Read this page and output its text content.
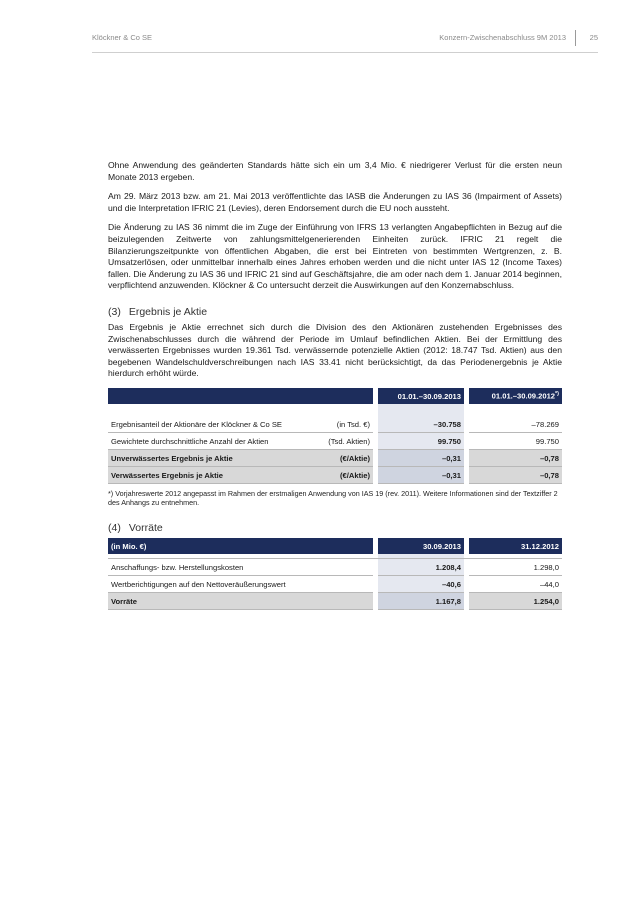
Klöckner & Co SE	Konzern-Zwischenabschluss 9M 2013	25

Ohne Anwendung des geänderten Standards hätte sich ein um 3,4 Mio. € niedrigerer Verlust für die ersten neun Monate 2013 ergeben.

Am 29. März 2013 bzw. am 21. Mai 2013 veröffentlichte das IASB die Änderungen zu IAS 36 (Impairment of Assets) und die Interpretation IFRIC 21 (Levies), deren Endorsement durch die EU noch aussteht.

Die Änderung zu IAS 36 nimmt die im Zuge der Einführung von IFRS 13 verlangten Angabepflichten in Bezug auf die beizulegenden Zeitwerte von zahlungsmittelgenerierenden Einheiten zurück. IFRIC 21 regelt die Bilanzierungszeitpunkte von öffentlichen Abgaben, die erst bei Eintreten von bestimmten Wertgrenzen, z. B. Umsatzerlösen, oder unmittelbar innerhalb eines Jahres erhoben werden und die nicht unter IAS 12 (Income Taxes) fallen. Die Änderung zu IAS 36 und IFRIC 21 sind auf Geschäftsjahre, die am oder nach dem 1. Januar 2014 beginnen, verpflichtend anzuwenden. Klöckner & Co untersucht derzeit die Auswirkungen auf den Konzernabschluss.

(3) Ergebnis je Aktie

Das Ergebnis je Aktie errechnet sich durch die Division des den Aktionären zustehenden Ergebnisses des Zwischenabschlusses durch die während der Periode im Umlauf befindlichen Aktien. Bei der Ermittlung des verwässerten Ergebnisses wurden 19.361 Tsd. verwässernde potenzielle Aktien (2012: 18.747 Tsd. Aktien) aus den begebenen Wandelschuldverschreibungen nach IAS 33.41 nicht berücksichtigt, da das Periodenergebnis je Aktie hierdurch erhöht würde.

			01.01.–30.09.2013		01.01.–30.09.2012*)
Ergebnisanteil der Aktionäre der Klöckner & Co SE	(in Tsd. €)		–30.758		–78.269
Gewichtete durchschnittliche Anzahl der Aktien	(Tsd. Aktien)		99.750		99.750
Unverwässertes Ergebnis je Aktie	(€/Aktie)		–0,31		–0,78
Verwässertes Ergebnis je Aktie	(€/Aktie)		–0,31		–0,78

*) Vorjahreswerte 2012 angepasst im Rahmen der erstmaligen Anwendung von IAS 19 (rev. 2011). Weitere Informationen sind der Textziffer 2 des Anhangs zu entnehmen.

(4) Vorräte
(in Mio. €)		30.09.2013		31.12.2012

Anschaffungs- bzw. Herstellungskosten		1.208,4		1.298,0
Wertberichtigungen auf den Nettoveräußerungswert		–40,6		–44,0
Vorräte		1.167,8		1.254,0
